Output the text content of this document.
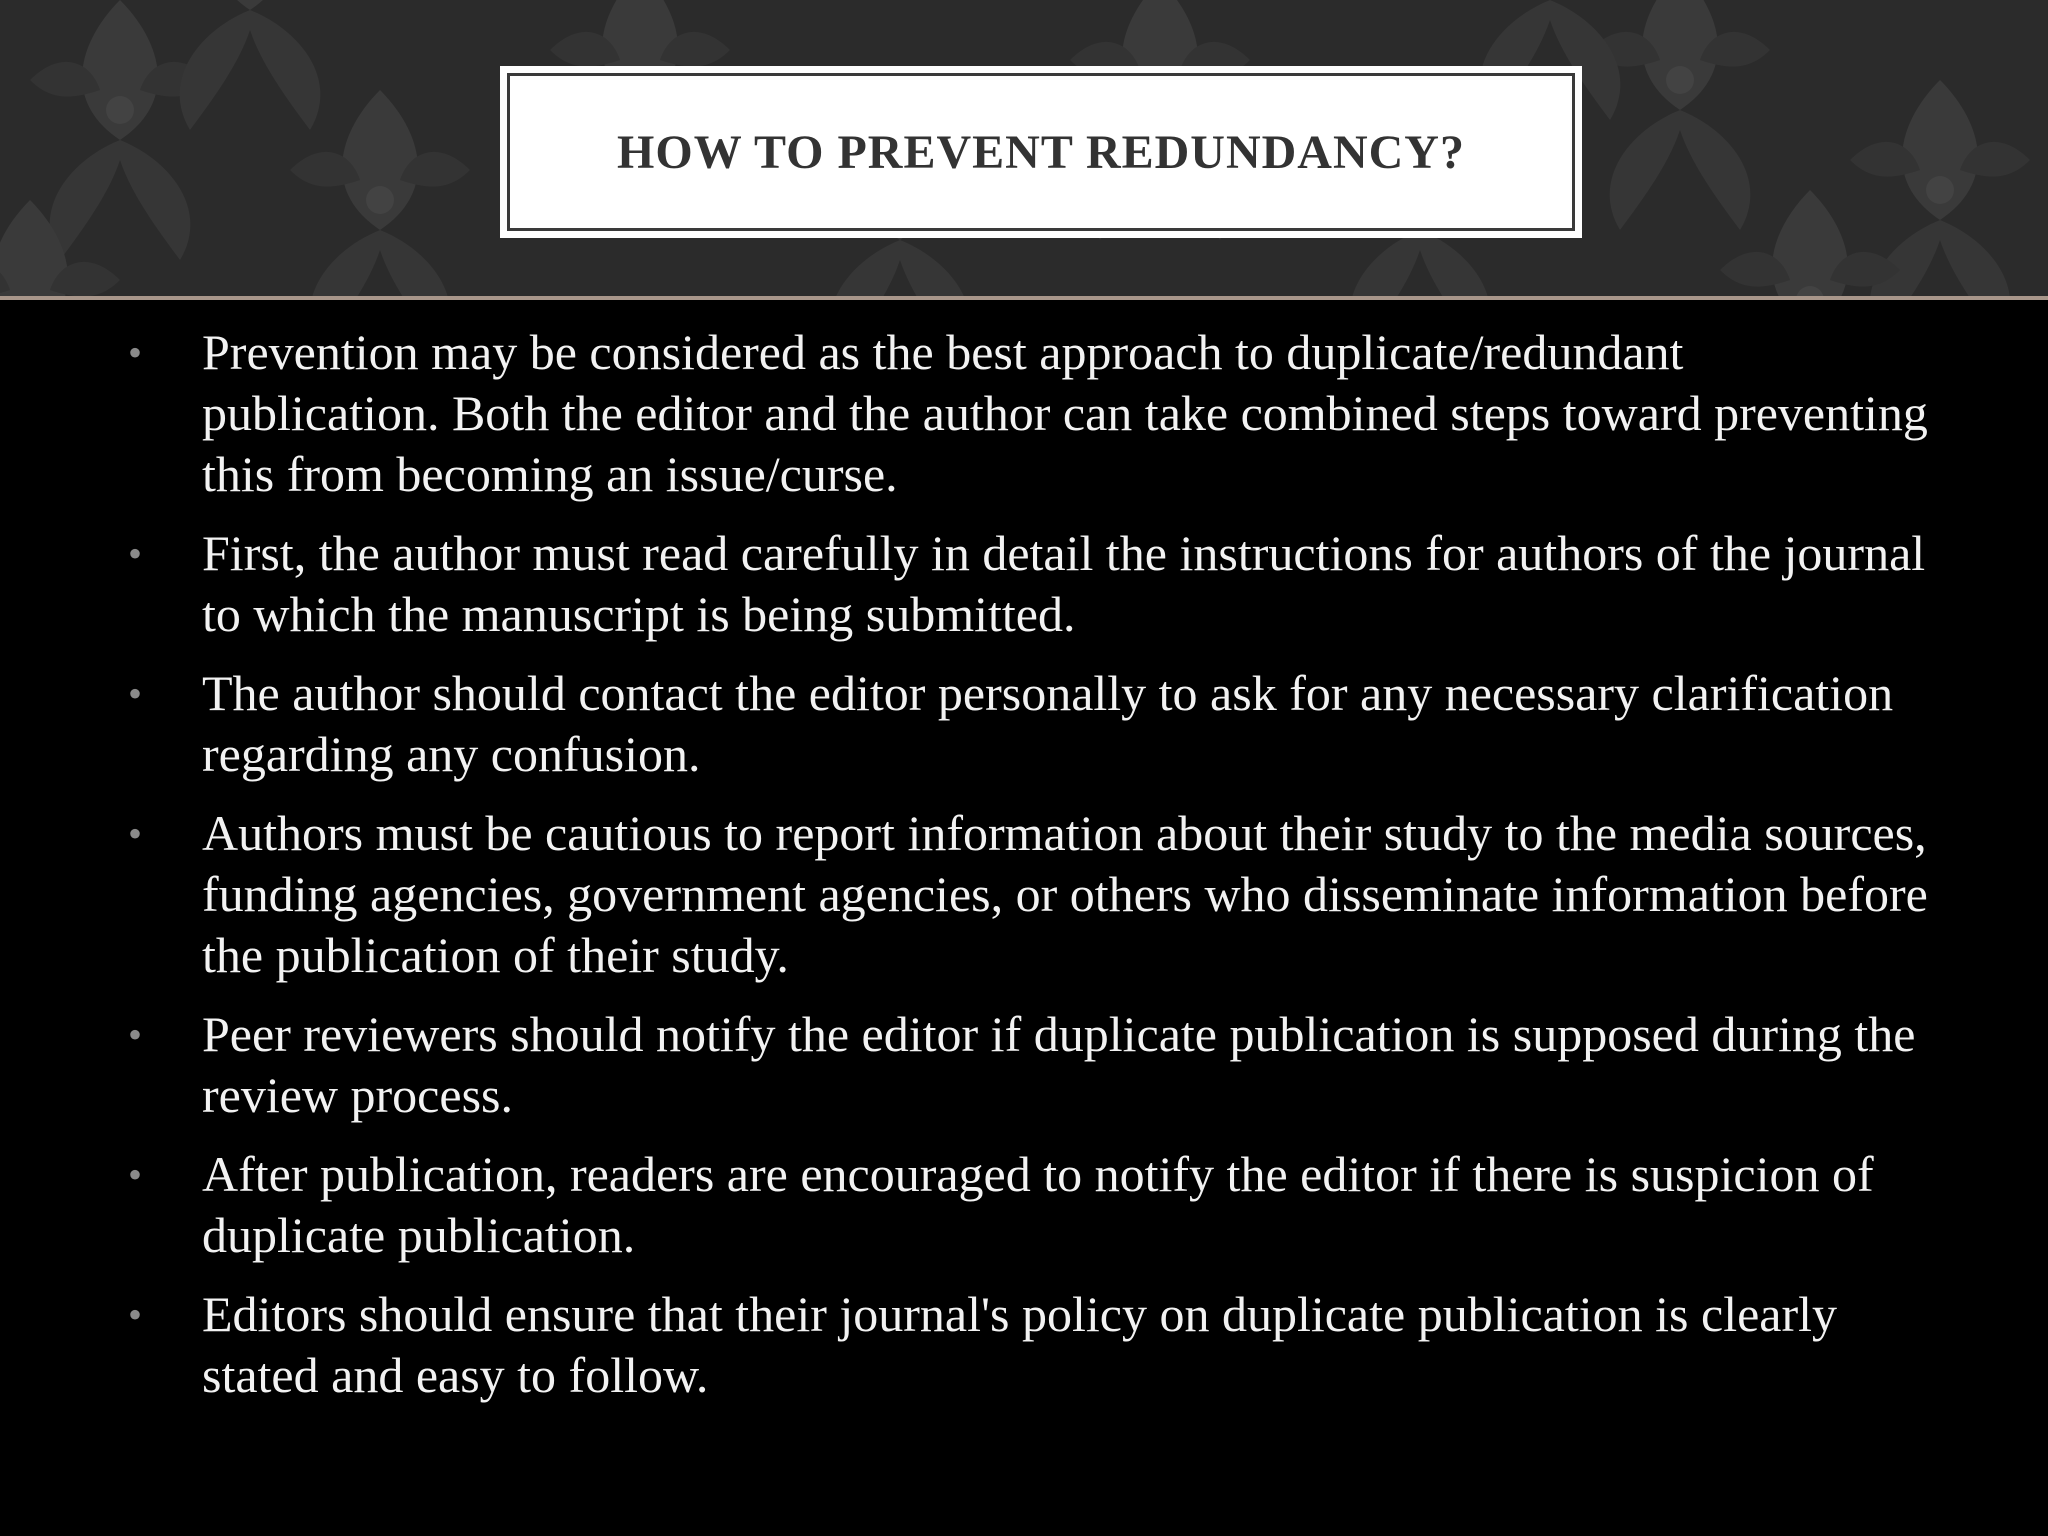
HOW TO PREVENT REDUNDANCY?
• Prevention may be considered as the best approach to duplicate/redundant publication. Both the editor and the author can take combined steps toward preventing this from becoming an issue/curse.
• First, the author must read carefully in detail the instructions for authors of the journal to which the manuscript is being submitted.
• The author should contact the editor personally to ask for any necessary clarification regarding any confusion.
• Authors must be cautious to report information about their study to the media sources, funding agencies, government agencies, or others who disseminate information before the publication of their study.
• Peer reviewers should notify the editor if duplicate publication is supposed during the review process.
• After publication, readers are encouraged to notify the editor if there is suspicion of duplicate publication.
• Editors should ensure that their journal's policy on duplicate publication is clearly stated and easy to follow.
